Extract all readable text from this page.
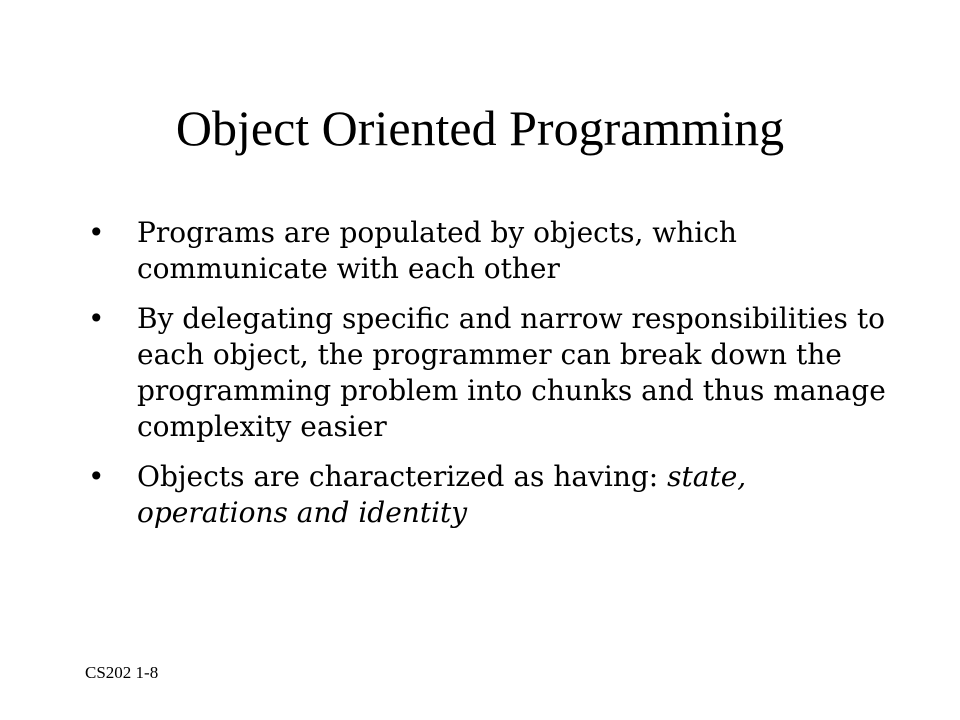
Object Oriented Programming
• Programs are populated by objects, which communicate with each other
• By delegating specific and narrow responsibilities to each object, the programmer can break down the programming problem into chunks and thus manage complexity easier
• Objects are characterized as having: state, operations and identity
CS202 1-8
